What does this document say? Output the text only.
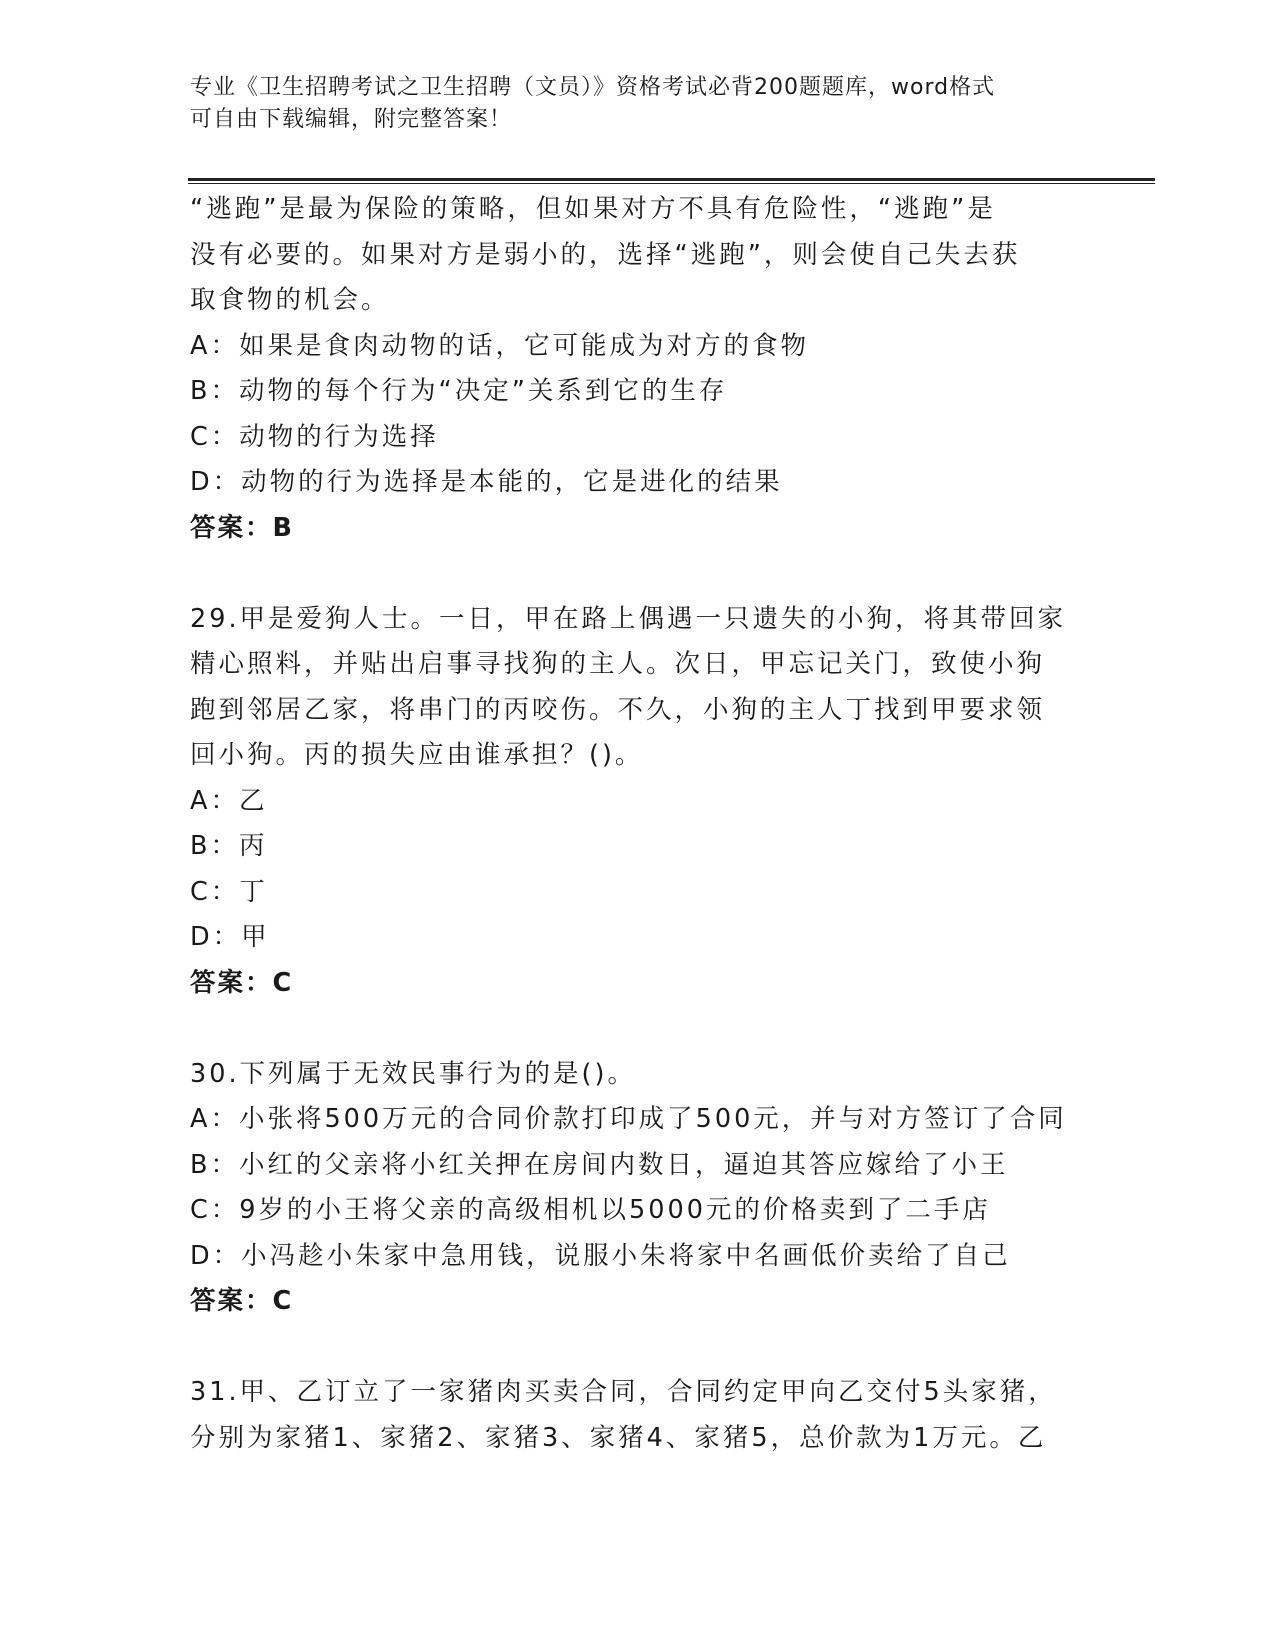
专业《卫生招聘考试之卫生招聘（文员）》资格考试必背200题题库，word格式
可自由下载编辑，附完整答案！
“逃跑”是最为保险的策略，但如果对方不具有危险性，“逃跑”是
没有必要的。如果对方是弱小的，选择“逃跑”，则会使自己失去获
取食物的机会。
A：如果是食肉动物的话，它可能成为对方的食物
B：动物的每个行为“决定”关系到它的生存
C：动物的行为选择
D：动物的行为选择是本能的，它是进化的结果
答案：B
29.甲是爱狗人士。一日，甲在路上偶遇一只遗失的小狗，将其带回家
精心照料，并贴出启事寻找狗的主人。次日，甲忘记关门，致使小狗
跑到邻居乙家，将串门的丙咬伤。不久，小狗的主人丁找到甲要求领
回小狗。丙的损失应由谁承担？()。
A：乙
B：丙
C：丁
D：甲
答案：C
30.下列属于无效民事行为的是()。
A：小张将500万元的合同价款打印成了500元，并与对方签订了合同
B：小红的父亲将小红关押在房间内数日，逼迫其答应嫁给了小王
C：9岁的小王将父亲的高级相机以5000元的价格卖到了二手店
D：小冯趁小朱家中急用钱，说服小朱将家中名画低价卖给了自己
答案：C
31.甲、乙订立了一家猪肉买卖合同，合同约定甲向乙交付5头家猪，
分别为家猪1、家猪2、家猪3、家猪4、家猪5，总价款为1万元。乙
